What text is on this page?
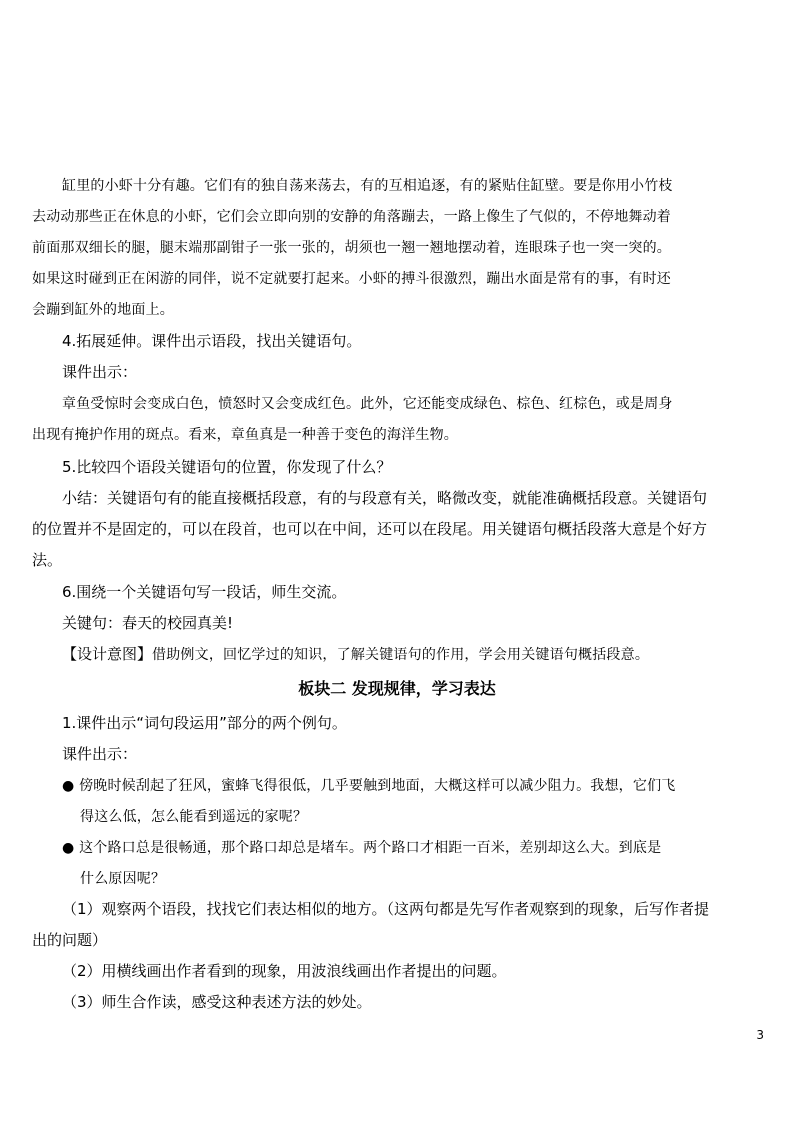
缸里的小虾十分有趣。它们有的独自荡来荡去，有的互相追逐，有的紧贴住缸壁。要是你用小竹枝
去动动那些正在休息的小虾，它们会立即向别的安静的角落蹦去，一路上像生了气似的，不停地舞动着
前面那双细长的腿，腿末端那副钳子一张一张的，胡须也一翘一翘地摆动着，连眼珠子也一突一突的。
如果这时碰到正在闲游的同伴，说不定就要打起来。小虾的搏斗很激烈，蹦出水面是常有的事，有时还
会蹦到缸外的地面上。
4.拓展延伸。课件出示语段，找出关键语句。
课件出示：
章鱼受惊时会变成白色，愤怒时又会变成红色。此外，它还能变成绿色、棕色、红棕色，或是周身
出现有掩护作用的斑点。看来，章鱼真是一种善于变色的海洋生物。
5.比较四个语段关键语句的位置，你发现了什么？
小结：关键语句有的能直接概括段意，有的与段意有关，略微改变，就能准确概括段意。关键语句
的位置并不是固定的，可以在段首，也可以在中间，还可以在段尾。用关键语句概括段落大意是个好方
法。
6.围绕一个关键语句写一段话，师生交流。
关键句：春天的校园真美!
【设计意图】借助例文，回忆学过的知识，了解关键语句的作用，学会用关键语句概括段意。
板块二 发现规律，学习表达
1.课件出示“词句段运用”部分的两个例句。
课件出示：
● 傍晚时候刮起了狂风，蜜蜂飞得很低，几乎要触到地面，大概这样可以减少阻力。我想，它们飞
得这么低，怎么能看到遥远的家呢？
● 这个路口总是很畅通，那个路口却总是堵车。两个路口才相距一百米，差别却这么大。到底是
什么原因呢？
（1）观察两个语段，找找它们表达相似的地方。（这两句都是先写作者观察到的现象，后写作者提
出的问题）
（2）用横线画出作者看到的现象，用波浪线画出作者提出的问题。
（3）师生合作读，感受这种表述方法的妙处。
3
